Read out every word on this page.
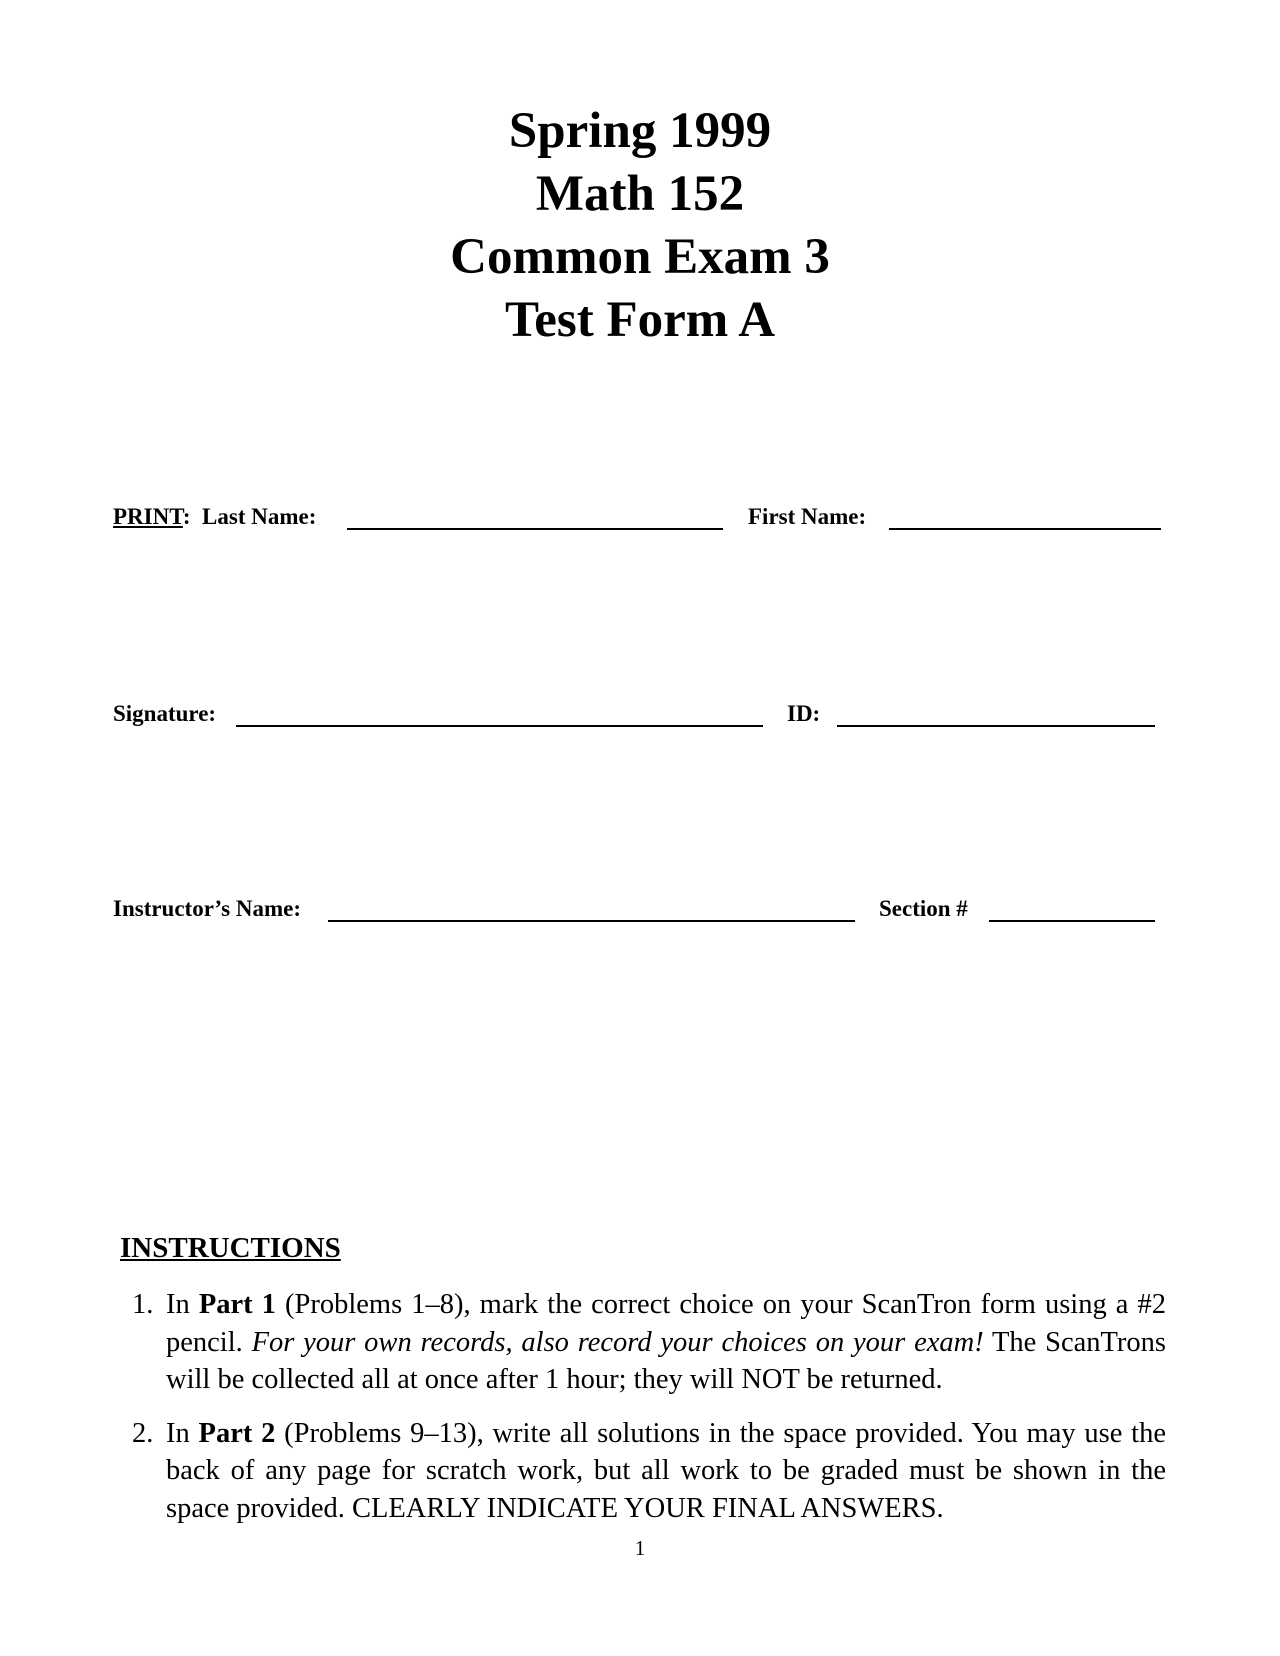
Spring 1999
Math 152
Common Exam 3
Test Form A
PRINT: Last Name:	First Name:
Signature:	ID:
Instructor’s Name:	Section #
INSTRUCTIONS
1. In Part 1 (Problems 1–8), mark the correct choice on your ScanTron form using a #2 pencil. For your own records, also record your choices on your exam! The ScanTrons will be collected all at once after 1 hour; they will NOT be returned.
2. In Part 2 (Problems 9–13), write all solutions in the space provided. You may use the back of any page for scratch work, but all work to be graded must be shown in the space provided. CLEARLY INDICATE YOUR FINAL ANSWERS.
1
